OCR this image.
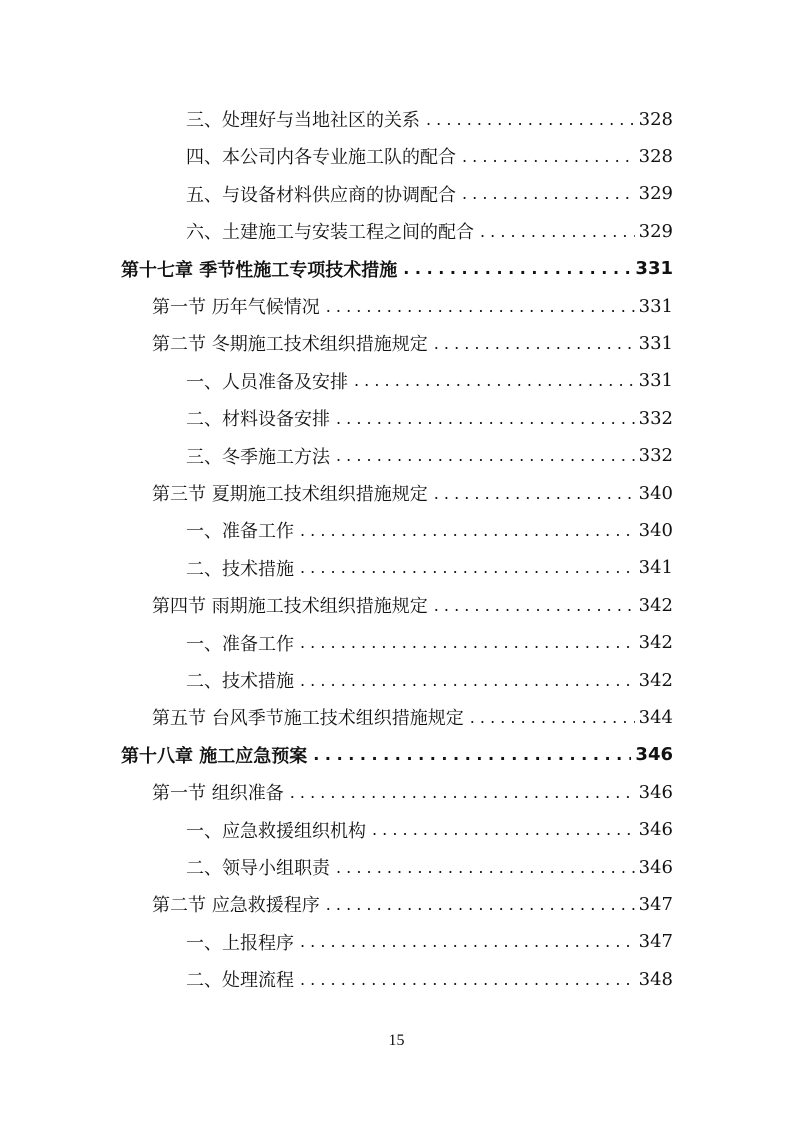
三、处理好与当地社区的关系 . . .	328
四、本公司内各专业施工队的配合 . . .	328
五、与设备材料供应商的协调配合 . . .	329
六、土建施工与安装工程之间的配合 . . .	329
第十七章 季节性施工专项技术措施 . . .	331
第一节 历年气候情况 . . .	331
第二节 冬期施工技术组织措施规定 . . .	331
一、人员准备及安排 . . .	331
二、材料设备安排 . . .	332
三、冬季施工方法 . . .	332
第三节 夏期施工技术组织措施规定 . . .	340
一、准备工作 . . .	340
二、技术措施 . . .	341
第四节 雨期施工技术组织措施规定 . . .	342
一、准备工作 . . .	342
二、技术措施 . . .	342
第五节 台风季节施工技术组织措施规定 . . .	344
第十八章 施工应急预案 . . .	346
第一节 组织准备 . . .	346
一、应急救援组织机构 . . .	346
二、领导小组职责 . . .	346
第二节 应急救援程序 . . .	347
一、上报程序 . . .	347
二、处理流程 . . .	348
15
